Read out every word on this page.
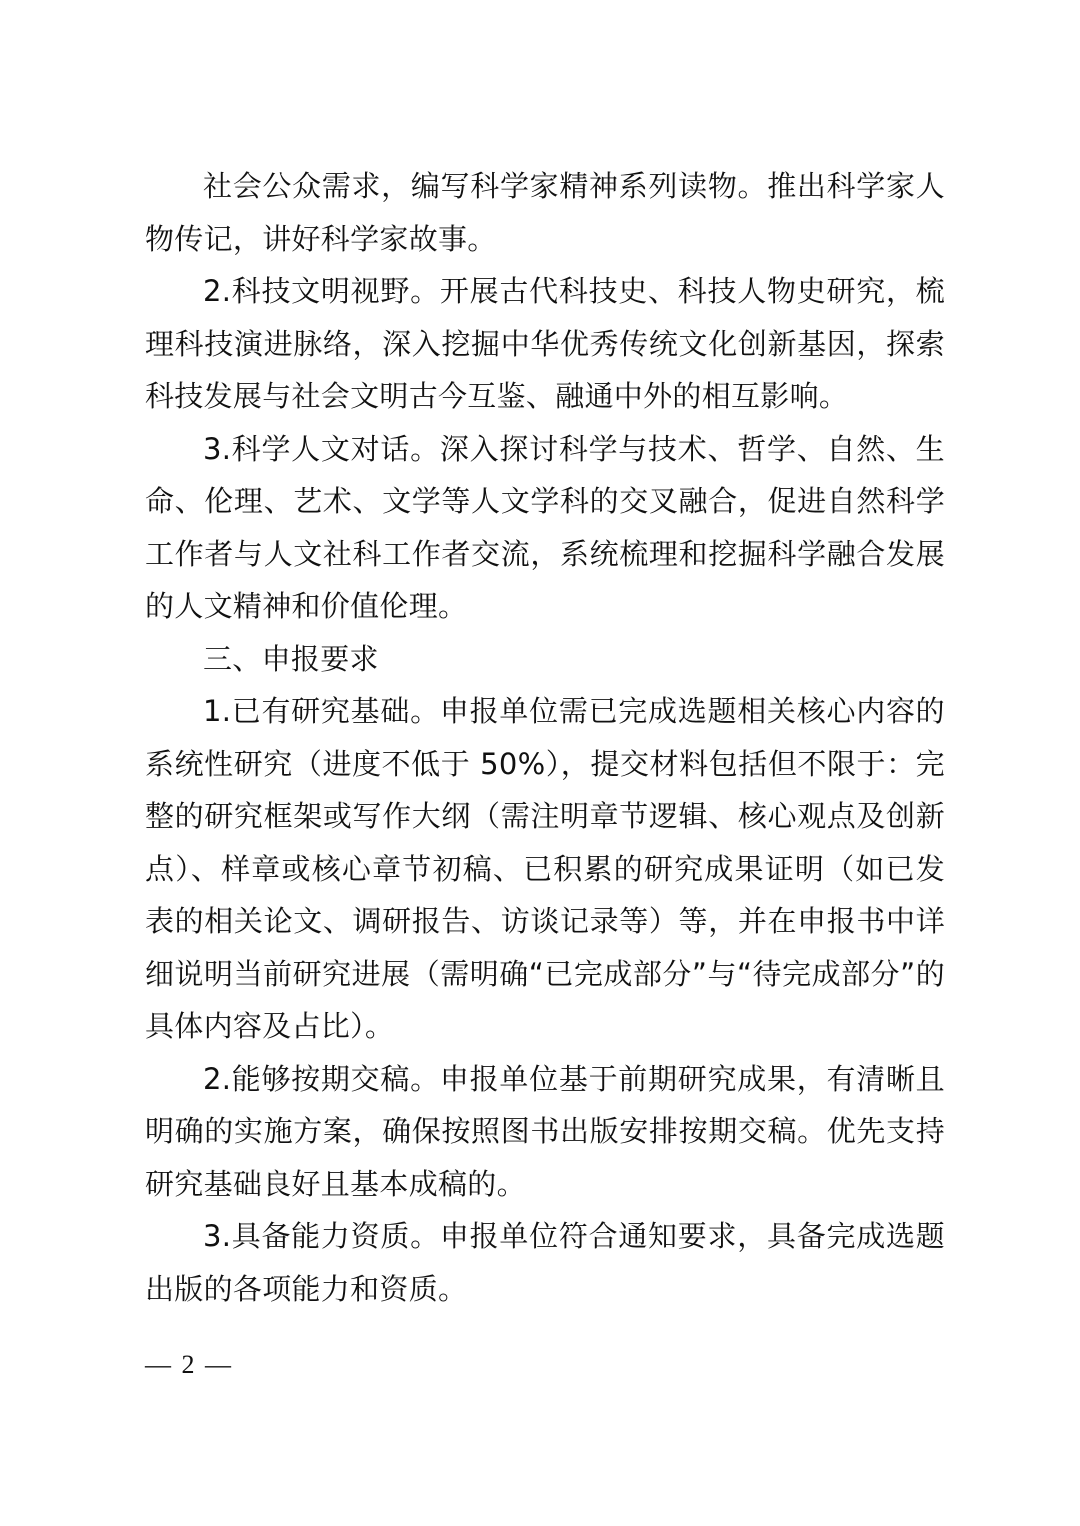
社会公众需求，编写科学家精神系列读物。推出科学家人物传记，讲好科学家故事。

2.科技文明视野。开展古代科技史、科技人物史研究，梳理科技演进脉络，深入挖掘中华优秀传统文化创新基因，探索科技发展与社会文明古今互鉴、融通中外的相互影响。

3.科学人文对话。深入探讨科学与技术、哲学、自然、生命、伦理、艺术、文学等人文学科的交叉融合，促进自然科学工作者与人文社科工作者交流，系统梳理和挖掘科学融合发展的人文精神和价值伦理。

三、申报要求

1.已有研究基础。申报单位需已完成选题相关核心内容的系统性研究（进度不低于 50%），提交材料包括但不限于：完整的研究框架或写作大纲（需注明章节逻辑、核心观点及创新点）、样章或核心章节初稿、已积累的研究成果证明（如已发表的相关论文、调研报告、访谈记录等）等，并在申报书中详细说明当前研究进展（需明确“已完成部分”与“待完成部分”的具体内容及占比）。

2.能够按期交稿。申报单位基于前期研究成果，有清晰且明确的实施方案，确保按照图书出版安排按期交稿。优先支持研究基础良好且基本成稿的。

3.具备能力资质。申报单位符合通知要求，具备完成选题出版的各项能力和资质。

— 2 —
